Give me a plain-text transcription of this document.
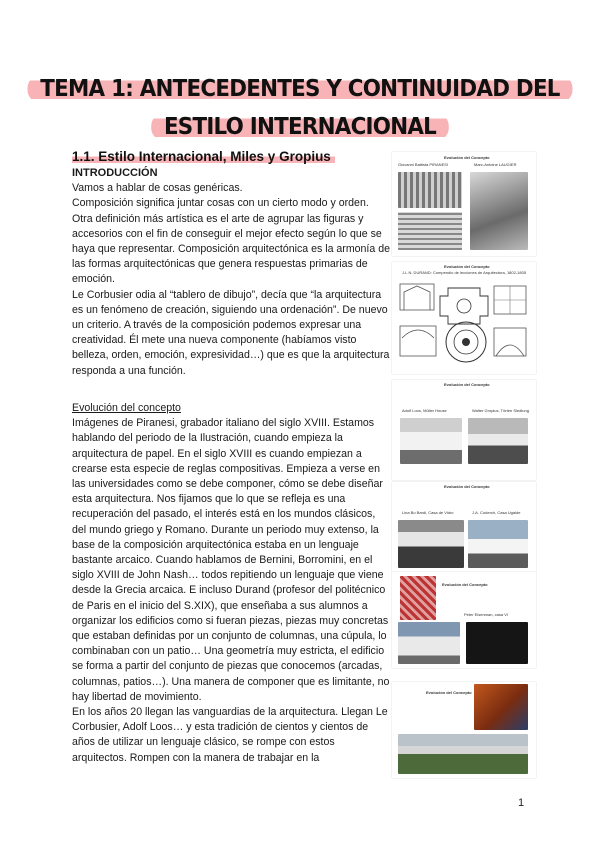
TEMA 1: ANTECEDENTES Y CONTINUIDAD DEL
ESTILO INTERNACIONAL
1.1. Estilo Internacional, Miles y Gropius

INTRODUCCIÓN

Vamos a hablar de cosas genéricas.

Composición significa juntar cosas con un cierto modo y orden. Otra definición más artística es el arte de agrupar las figuras y accesorios con el fin de conseguir el mejor efecto según lo que se haya que representar. Composición arquitectónica es la armonía de las formas arquitectónicas que genera respuestas primarias de emoción.

Le Corbusier odia al “tablero de dibujo”, decía que “la arquitectura es un fenómeno de creación, siguiendo una ordenación”. De nuevo un criterio. A través de la composición podemos expresar una creatividad. Él mete una nueva componente (habíamos visto belleza, orden, emoción, expresividad…) que es que la arquitectura responda a una función.

Evolución del concepto

Imágenes de Piranesi, grabador italiano del siglo XVIII. Estamos hablando del periodo de la Ilustración, cuando empieza la arquitectura de papel. En el siglo XVIII es cuando empiezan a crearse esta especie de reglas compositivas. Empieza a verse en las universidades como se debe componer, cómo se debe diseñar esta arquitectura. Nos fijamos que lo que se refleja es una recuperación del pasado, el interés está en los mundos clásicos, del mundo griego y Romano. Durante un periodo muy extenso, la base de la composición arquitectónica estaba en un lenguaje bastante arcaico. Cuando hablamos de Bernini, Borromini, en el siglo XVIII de John Nash… todos repitiendo un lenguaje que viene desde la Grecia arcaica. E incluso Durand (profesor del politécnico de Paris en el inicio del S.XIX), que enseñaba a sus alumnos a organizar los edificios como si fueran piezas, piezas muy concretas que estaban definidas por un conjunto de columnas, una cúpula, lo combinaban con un patio… Una geometría muy estricta, el edificio se forma a partir del conjunto de piezas que conocemos (arcadas, columnas, patios…). Una manera de componer que es limitante, no hay libertad de movimiento.

En los años 20 llegan las vanguardias de la arquitectura. Llegan Le Corbusier, Adolf Loos… y esta tradición de cientos y cientos de años de utilizar un lenguaje clásico, se rompe con estos arquitectos. Rompen con la manera de trabajar en la

Evolución del Concepto
Giovanni Battista PIRANESI	Marc-Antoine LAUGIER
Evolución del Concepto
J.L.N. DURAND: Compendio de lecciones de Arquitectura, 1802-1805
Evolución del Concepto
Adolf Loos, Müller House	Walter Gropius, Törten Siedlung
Evolución del Concepto
Lina Bo Bardi, Casa de Vidro	J.A. Coderch, Casa Ugalde
Evolución del Concepto
Peter Eisenman, casa VI
Evolución del Concepto
1
